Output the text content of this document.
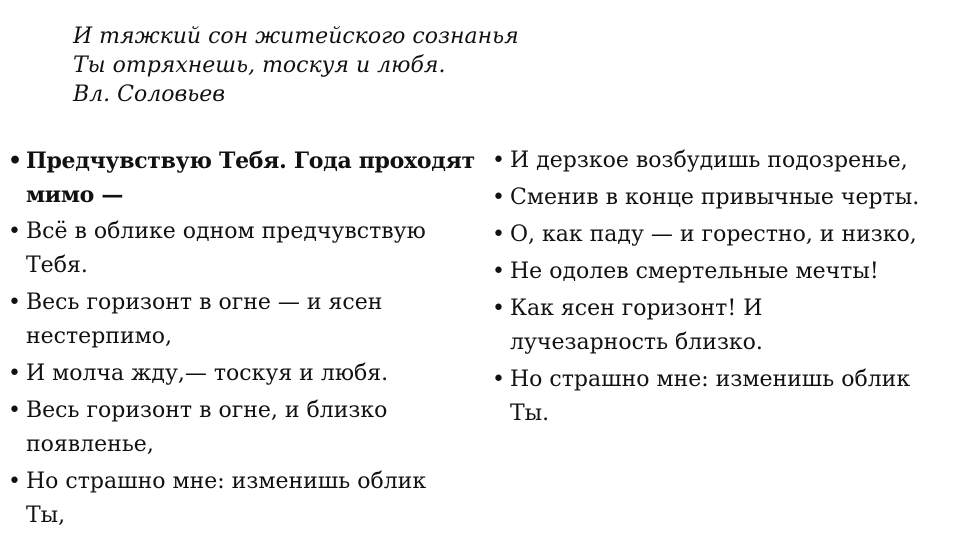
И тяжкий сон житейского сознанья
Ты отряхнешь, тоскуя и любя.
Вл. Соловьев
• Предчувствую Тебя. Года проходят
мимо —
• Всё в облике одном предчувствую
Тебя.
• Весь горизонт в огне — и ясен
нестерпимо,
• И молча жду,— тоскуя и любя.
• Весь горизонт в огне, и близко
появленье,
• Но страшно мне: изменишь облик
Ты,
• И дерзкое возбудишь подозренье,
• Сменив в конце привычные черты.
• О, как паду — и горестно, и низко,
• Не одолев смертельные мечты!
• Как ясен горизонт! И
лучезарность близко.
• Но страшно мне: изменишь облик
Ты.
